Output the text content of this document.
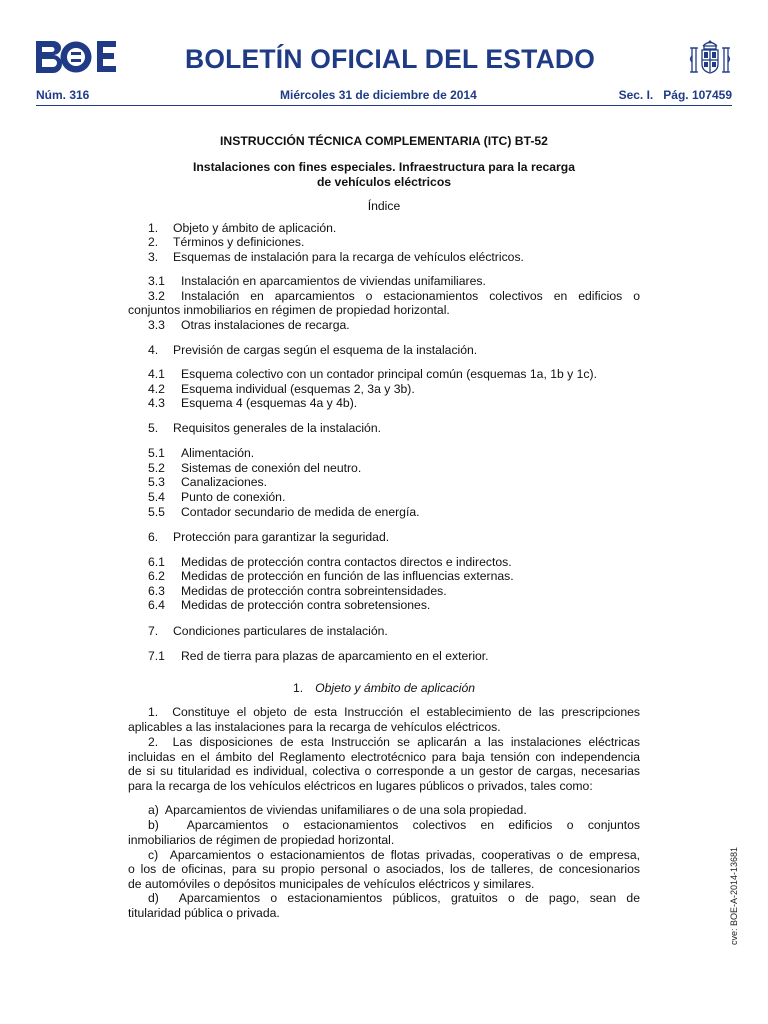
BOLETÍN OFICIAL DEL ESTADO
Núm. 316	Miércoles 31 de diciembre de 2014	Sec. I.   Pág. 107459
INSTRUCCIÓN TÉCNICA COMPLEMENTARIA (ITC) BT-52
Instalaciones con fines especiales. Infraestructura para la recarga
de vehículos eléctricos
Índice
1. Objeto y ámbito de aplicación.
2. Términos y definiciones.
3. Esquemas de instalación para la recarga de vehículos eléctricos.
3.1 Instalación en aparcamientos de viviendas unifamiliares.
3.2 Instalación en aparcamientos o estacionamientos colectivos en edificios o
conjuntos inmobiliarios en régimen de propiedad horizontal.
3.3 Otras instalaciones de recarga.
4. Previsión de cargas según el esquema de la instalación.
4.1 Esquema colectivo con un contador principal común (esquemas 1a, 1b y 1c).
4.2 Esquema individual (esquemas 2, 3a y 3b).
4.3 Esquema 4 (esquemas 4a y 4b).
5. Requisitos generales de la instalación.
5.1 Alimentación.
5.2 Sistemas de conexión del neutro.
5.3 Canalizaciones.
5.4 Punto de conexión.
5.5 Contador secundario de medida de energía.
6. Protección para garantizar la seguridad.
6.1 Medidas de protección contra contactos directos e indirectos.
6.2 Medidas de protección en función de las influencias externas.
6.3 Medidas de protección contra sobreintensidades.
6.4 Medidas de protección contra sobretensiones.
7. Condiciones particulares de instalación.
7.1 Red de tierra para plazas de aparcamiento en el exterior.
1. Objeto y ámbito de aplicación
1.  Constituye el objeto de esta Instrucción el establecimiento de las prescripciones
aplicables a las instalaciones para la recarga de vehículos eléctricos.
2.  Las disposiciones de esta Instrucción se aplicarán a las instalaciones eléctricas
incluidas en el ámbito del Reglamento electrotécnico para baja tensión con independencia
de si su titularidad es individual, colectiva o corresponde a un gestor de cargas, necesarias
para la recarga de los vehículos eléctricos en lugares públicos o privados, tales como:
a)  Aparcamientos de viviendas unifamiliares o de una sola propiedad.
b)  Aparcamientos o estacionamientos colectivos en edificios o conjuntos
inmobiliarios de régimen de propiedad horizontal.
c)  Aparcamientos o estacionamientos de flotas privadas, cooperativas o de empresa,
o los de oficinas, para su propio personal o asociados, los de talleres, de concesionarios
de automóviles o depósitos municipales de vehículos eléctricos y similares.
d)  Aparcamientos o estacionamientos públicos, gratuitos o de pago, sean de
titularidad pública o privada.	cve: BOE-A-2014-13681
